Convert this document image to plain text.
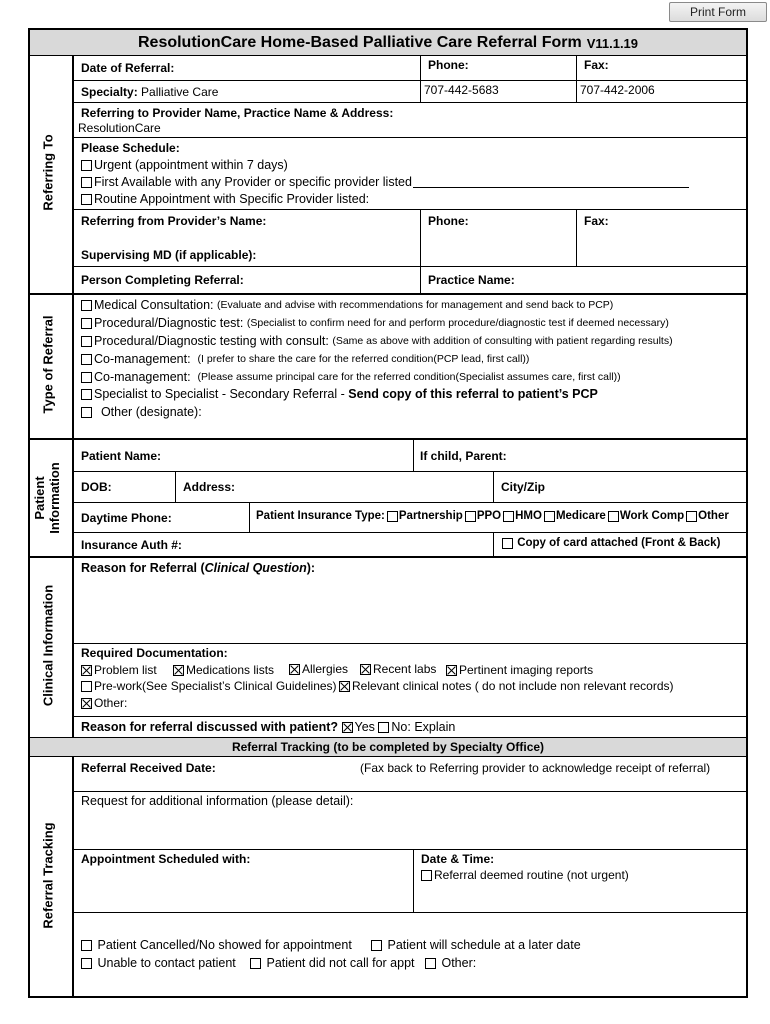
Print Form
ResolutionCare Home-Based Palliative Care Referral Form V11.1.19
Referring To
Type of Referral
Patient Information
Clinical Information
Referral Tracking
Date of Referral:	Phone:	Fax:
Specialty: Palliative Care	707-442-5683	707-442-2006
Referring to Provider Name, Practice Name & Address:
ResolutionCare
Please Schedule:
Urgent (appointment within 7 days)
First Available with any Provider or specific provider listed
Routine Appointment with Specific Provider listed:
Referring from Provider’s Name:	Phone:	Fax:
Supervising MD (if applicable):
Person Completing Referral:	Practice Name:
Medical Consultation:
(Evaluate and advise with recommendations for management and send back to PCP)
Procedural/Diagnostic test:
(Specialist to confirm need for and perform procedure/diagnostic test if deemed necessary)
Procedural/Diagnostic testing with consult:
(Same as above with addition of consulting with patient regarding results)
Co-management:
(I prefer to share the care for the referred condition(PCP lead, first call))
Co-management:
(Please assume principal care for the referred condition(Specialist assumes care, first call))
Specialist to Specialist - Secondary Referral - Send copy of this referral to patient’s PCP

Other (designate):
Patient Name:	If child, Parent:
DOB:	Address:	City/Zip
Daytime Phone:	Patient Insurance Type: Partnership PPO HMO Medicare Work Comp Other
Insurance Auth #:
	Copy of card attached (Front & Back)
Reason for Referral (Clinical Question):
Required Documentation:
Problem list Medications lists Allergies Recent labs Pertinent imaging reports
Pre-work(See Specialist’s Clinical Guidelines) Relevant clinical notes ( do not include non relevant records)
Other:
Reason for referral discussed with patient?
Yes
No: Explain
Referral Tracking (to be completed by Specialty Office)
Referral Received Date:	(Fax back to Referring provider to acknowledge receipt of referral)
Request for additional information (please detail):
Appointment Scheduled with:	Date & Time:
Referral deemed routine (not urgent)

Patient Cancelled/No showed for appointment
	Patient will schedule at a later date

Unable to contact patient
Patient did not call for appt
Other:
